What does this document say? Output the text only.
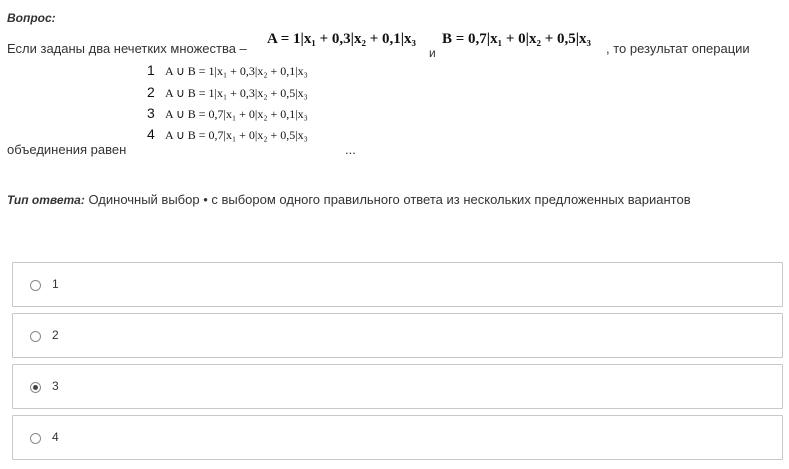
Вопрос:
Если заданы два нечетких множества –
A = 1|x₁ + 0,3|x₂ + 0,1|x₃
и
B = 0,7|x₁ + 0|x₂ + 0,5|x₃
, то результат операции
1 A ∪ B = 1|x₁ + 0,3|x₂ + 0,1|x₃
2 A ∪ B = 1|x₁ + 0,3|x₂ + 0,5|x₃
3 A ∪ B = 0,7|x₁ + 0|x₂ + 0,1|x₃
4 A ∪ B = 0,7|x₁ + 0|x₂ + 0,5|x₃
объединения равен	...
Тип ответа: Одиночный выбор • с выбором одного правильного ответа из нескольких предложенных вариантов
1
2
3
4
